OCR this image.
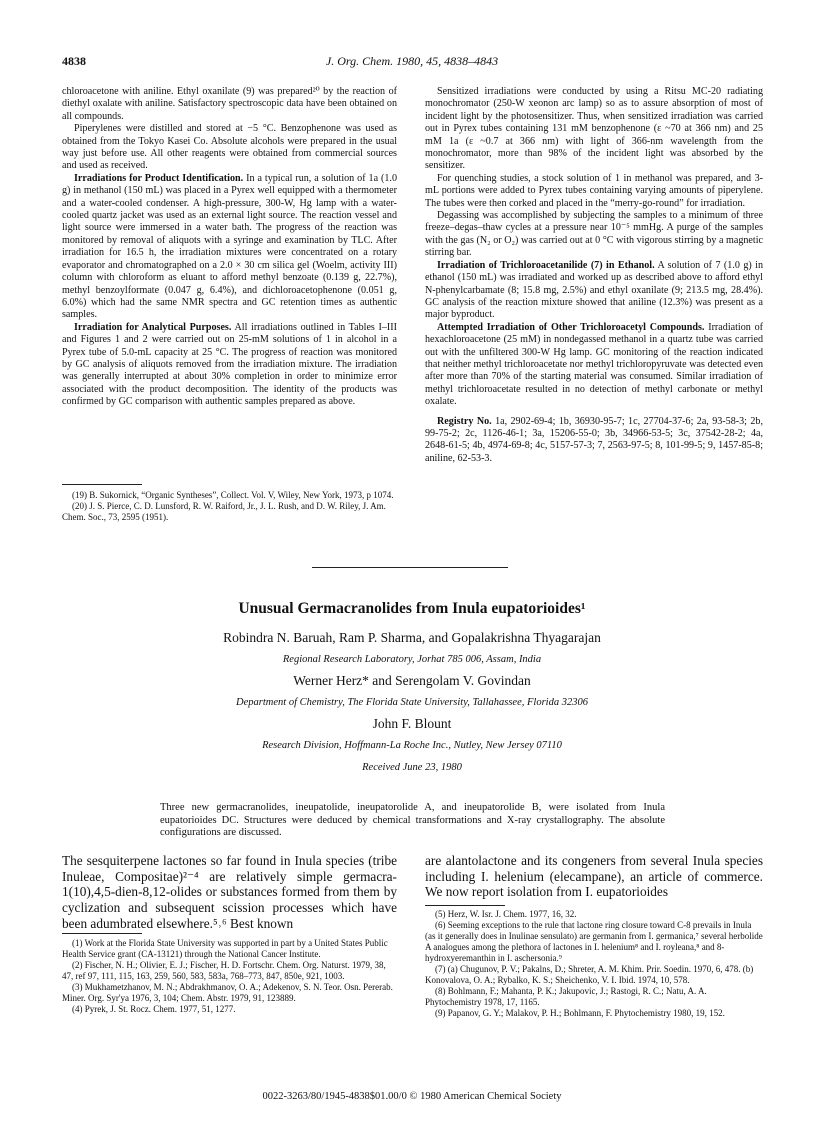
4838	J. Org. Chem. 1980, 45, 4838–4843

chloroacetone with aniline. Ethyl oxanilate (9) was prepared²⁰ by the reaction of diethyl oxalate with aniline. Satisfactory spectroscopic data have been obtained on all compounds.

Piperylenes were distilled and stored at −5 °C. Benzophenone was used as obtained from the Tokyo Kasei Co. Absolute alcohols were prepared in the usual way just before use. All other reagents were obtained from commercial sources and used as received.

Irradiations for Product Identification. In a typical run, a solution of 1a (1.0 g) in methanol (150 mL) was placed in a Pyrex well equipped with a thermometer and a water-cooled condenser. A high-pressure, 300-W, Hg lamp with a water-cooled quartz jacket was used as an external light source. The reaction vessel and light source were immersed in a water bath. The progress of the reaction was monitored by removal of aliquots with a syringe and examination by TLC. After irradiation for 16.5 h, the irradiation mixtures were concentrated on a rotary evaporator and chromatographed on a 2.0 × 30 cm silica gel (Woelm, activity III) column with chloroform as eluant to afford methyl benzoate (0.139 g, 22.7%), methyl benzoylformate (0.047 g, 6.4%), and dichloroacetophenone (0.051 g, 6.0%) which had the same NMR spectra and GC retention times as authentic samples.

Irradiation for Analytical Purposes. All irradiations outlined in Tables I–III and Figures 1 and 2 were carried out on 25-mM solutions of 1 in alcohol in a Pyrex tube of 5.0-mL capacity at 25 °C. The progress of reaction was monitored by GC analysis of aliquots removed from the irradiation mixture. The irradiation was generally interrupted at about 30% completion in order to minimize error associated with the product decomposition. The identity of the products was confirmed by GC comparison with authentic samples prepared as above.

(19) B. Sukornick, “Organic Syntheses”, Collect. Vol. V, Wiley, New York, 1973, p 1074.

(20) J. S. Pierce, C. D. Lunsford, R. W. Raiford, Jr., J. L. Rush, and D. W. Riley, J. Am. Chem. Soc., 73, 2595 (1951).

Sensitized irradiations were conducted by using a Ritsu MC-20 radiating monochromator (250-W xeonon arc lamp) so as to assure absorption of most of incident light by the photosensitizer. Thus, when sensitized irradiation was carried out in Pyrex tubes containing 131 mM benzophenone (ε ~70 at 366 nm) and 25 mM 1a (ε ~0.7 at 366 nm) with light of 366-nm wavelength from the monochromator, more than 98% of the incident light was absorbed by the sensitizer.

For quenching studies, a stock solution of 1 in methanol was prepared, and 3-mL portions were added to Pyrex tubes containing varying amounts of piperylene. The tubes were then corked and placed in the “merry-go-round” for irradiation.

Degassing was accomplished by subjecting the samples to a minimum of three freeze–degas–thaw cycles at a pressure near 10⁻⁵ mmHg. A purge of the samples with the gas (N₂ or O₂) was carried out at 0 °C with vigorous stirring by a magnetic stirring bar.

Irradiation of Trichloroacetanilide (7) in Ethanol. A solution of 7 (1.0 g) in ethanol (150 mL) was irradiated and worked up as described above to afford ethyl N-phenylcarbamate (8; 15.8 mg, 2.5%) and ethyl oxanilate (9; 213.5 mg, 28.4%). GC analysis of the reaction mixture showed that aniline (12.3%) was present as a major byproduct.

Attempted Irradiation of Other Trichloroacetyl Compounds. Irradiation of hexachloroacetone (25 mM) in nondegassed methanol in a quartz tube was carried out with the unfiltered 300-W Hg lamp. GC monitoring of the reaction indicated that neither methyl trichloroacetate nor methyl trichloropyruvate was detected even after more than 70% of the starting material was consumed. Similar irradiation of methyl trichloroacetate resulted in no detection of methyl carbonate or methyl oxalate.

Registry No. 1a, 2902-69-4; 1b, 36930-95-7; 1c, 27704-37-6; 2a, 93-58-3; 2b, 99-75-2; 2c, 1126-46-1; 3a, 15206-55-0; 3b, 34966-53-5; 3c, 37542-28-2; 4a, 2648-61-5; 4b, 4974-69-8; 4c, 5157-57-3; 7, 2563-97-5; 8, 101-99-5; 9, 1457-85-8; aniline, 62-53-3.

Unusual Germacranolides from Inula eupatorioides¹
Robindra N. Baruah, Ram P. Sharma, and Gopalakrishna Thyagarajan
Regional Research Laboratory, Jorhat 785 006, Assam, India
Werner Herz* and Serengolam V. Govindan
Department of Chemistry, The Florida State University, Tallahassee, Florida 32306
John F. Blount
Research Division, Hoffmann-La Roche Inc., Nutley, New Jersey 07110
Received June 23, 1980
Three new germacranolides, ineupatolide, ineupatorolide A, and ineupatorolide B, were isolated from Inula eupatorioides DC. Structures were deduced by chemical transformations and X-ray crystallography. The absolute configurations are discussed.
The sesquiterpene lactones so far found in Inula species (tribe Inuleae, Compositae)²⁻⁴ are relatively simple germacra-1(10),4,5-dien-8,12-olides or substances formed from them by cyclization and subsequent scission processes which have been adumbrated elsewhere.⁵˒⁶ Best known
are alantolactone and its congeners from several Inula species including I. helenium (elecampane), an article of commerce. We now report isolation from I. eupatorioides

(1) Work at the Florida State University was supported in part by a United States Public Health Service grant (CA-13121) through the National Cancer Institute.

(2) Fischer, N. H.; Olivier, E. J.; Fischer, H. D. Fortschr. Chem. Org. Naturst. 1979, 38, 47, ref 97, 111, 115, 163, 259, 560, 583, 583a, 768–773, 847, 850e, 921, 1003.

(3) Mukhametzhanov, M. N.; Abdrakhmanov, O. A.; Adekenov, S. N. Teor. Osn. Pererab. Miner. Org. Syr'ya 1976, 3, 104; Chem. Abstr. 1979, 91, 123889.

(4) Pyrek, J. St. Rocz. Chem. 1977, 51, 1277.

(5) Herz, W. Isr. J. Chem. 1977, 16, 32.

(6) Seeming exceptions to the rule that lactone ring closure toward C-8 prevails in Inula (as it generally does in Inulinae sensulato) are germanin from I. germanica,⁷ several herbolide A analogues among the plethora of lactones in I. helenium⁸ and I. royleana,⁸ and 8-hydroxyeremanthin in I. aschersonia.⁹

(7) (a) Chugunov, P. V.; Pakalns, D.; Shreter, A. M. Khim. Prir. Soedin. 1970, 6, 478. (b) Konovalova, O. A.; Rybalko, K. S.; Sheichenko, V. I. Ibid. 1974, 10, 578.

(8) Bohlmann, F.; Mahanta, P. K.; Jakupovic, J.; Rastogi, R. C.; Natu, A. A. Phytochemistry 1978, 17, 1165.

(9) Papanov, G. Y.; Malakov, P. H.; Bohlmann, F. Phytochemistry 1980, 19, 152.

0022-3263/80/1945-4838$01.00/0 © 1980 American Chemical Society
